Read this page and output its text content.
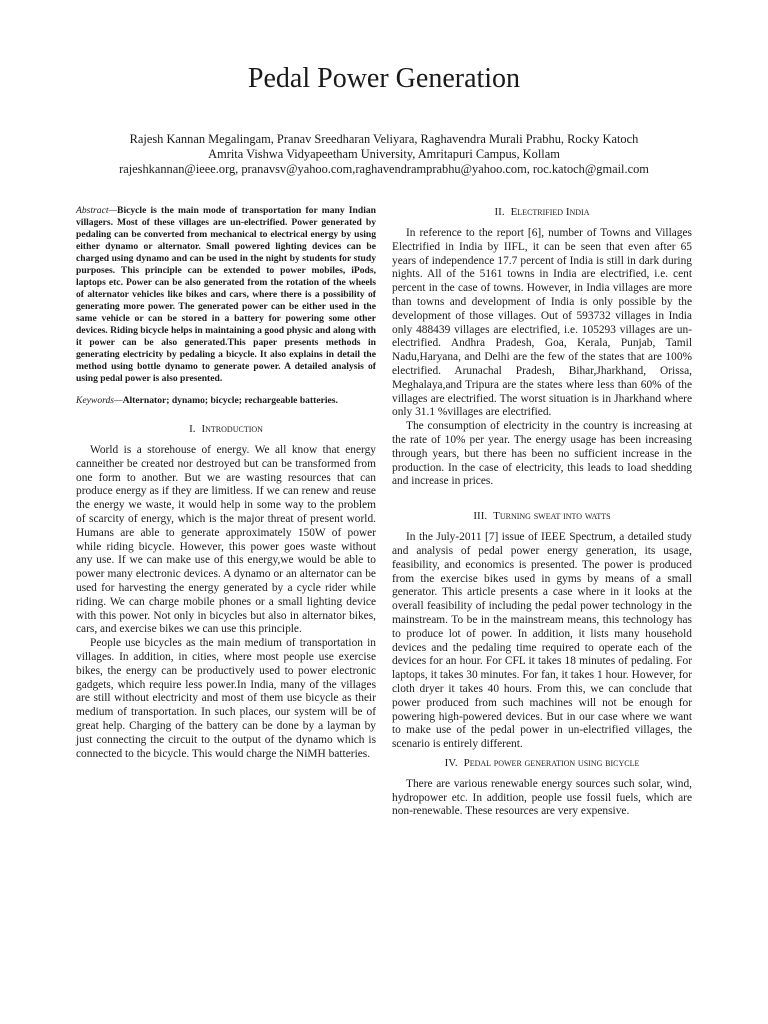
Pedal Power Generation
Rajesh Kannan Megalingam, Pranav Sreedharan Veliyara, Raghavendra Murali Prabhu, Rocky Katoch
Amrita Vishwa Vidyapeetham University, Amritapuri Campus, Kollam
rajeshkannan@ieee.org, pranavsv@yahoo.com,raghavendramprabhu@yahoo.com, roc.katoch@gmail.com

Abstract—Bicycle is the main mode of transportation for many Indian villagers. Most of these villages are un-electrified. Power generated by pedaling can be converted from mechanical to electrical energy by using either dynamo or alternator. Small powered lighting devices can be charged using dynamo and can be used in the night by students for study purposes. This principle can be extended to power mobiles, iPods, laptops etc. Power can be also generated from the rotation of the wheels of alternator vehicles like bikes and cars, where there is a possibility of generating more power. The generated power can be either used in the same vehicle or can be stored in a battery for powering some other devices. Riding bicycle helps in maintaining a good physic and along with it power can be also generated.This paper presents methods in generating electricity by pedaling a bicycle. It also explains in detail the method using bottle dynamo to generate power. A detailed analysis of using pedal power is also presented.

Keywords—Alternator; dynamo; bicycle; rechargeable batteries.

I. Introduction

World is a storehouse of energy. We all know that energy canneither be created nor destroyed but can be transformed from one form to another. But we are wasting resources that can produce energy as if they are limitless. If we can renew and reuse the energy we waste, it would help in some way to the problem of scarcity of energy, which is the major threat of present world. Humans are able to generate approximately 150W of power while riding bicycle. However, this power goes waste without any use. If we can make use of this energy,we would be able to power many electronic devices. A dynamo or an alternator can be used for harvesting the energy generated by a cycle rider while riding. We can charge mobile phones or a small lighting device with this power. Not only in bicycles but also in alternator bikes, cars, and exercise bikes we can use this principle.

People use bicycles as the main medium of transportation in villages. In addition, in cities, where most people use exercise bikes, the energy can be productively used to power electronic gadgets, which require less power.In India, many of the villages are still without electricity and most of them use bicycle as their medium of transportation. In such places, our system will be of great help. Charging of the battery can be done by a layman by just connecting the circuit to the output of the dynamo which is connected to the bicycle. This would charge the NiMH batteries.

II. Electrified India

In reference to the report [6], number of Towns and Villages Electrified in India by IIFL, it can be seen that even after 65 years of independence 17.7 percent of India is still in dark during nights. All of the 5161 towns in India are electrified, i.e. cent percent in the case of towns. However, in India villages are more than towns and development of India is only possible by the development of those villages. Out of 593732 villages in India only 488439 villages are electrified, i.e. 105293 villages are un-electrified. Andhra Pradesh, Goa, Kerala, Punjab, Tamil Nadu,Haryana, and Delhi are the few of the states that are 100% electrified. Arunachal Pradesh, Bihar,Jharkhand, Orissa, Meghalaya,and Tripura are the states where less than 60% of the villages are electrified. The worst situation is in Jharkhand where only 31.1 %villages are electrified.

The consumption of electricity in the country is increasing at the rate of 10% per year. The energy usage has been increasing through years, but there has been no sufficient increase in the production. In the case of electricity, this leads to load shedding and increase in prices.

III. Turning sweat into watts

In the July-2011 [7] issue of IEEE Spectrum, a detailed study and analysis of pedal power energy generation, its usage, feasibility, and economics is presented. The power is produced from the exercise bikes used in gyms by means of a small generator. This article presents a case where in it looks at the overall feasibility of including the pedal power technology in the mainstream. To be in the mainstream means, this technology has to produce lot of power. In addition, it lists many household devices and the pedaling time required to operate each of the devices for an hour. For CFL it takes 18 minutes of pedaling. For laptops, it takes 30 minutes. For fan, it takes 1 hour. However, for cloth dryer it takes 40 hours. From this, we can conclude that power produced from such machines will not be enough for powering high-powered devices. But in our case where we want to make use of the pedal power in un-electrified villages, the scenario is entirely different.

IV. Pedal power generation using bicycle

There are various renewable energy sources such solar, wind, hydropower etc. In addition, people use fossil fuels, which are non-renewable. These resources are very expensive.
